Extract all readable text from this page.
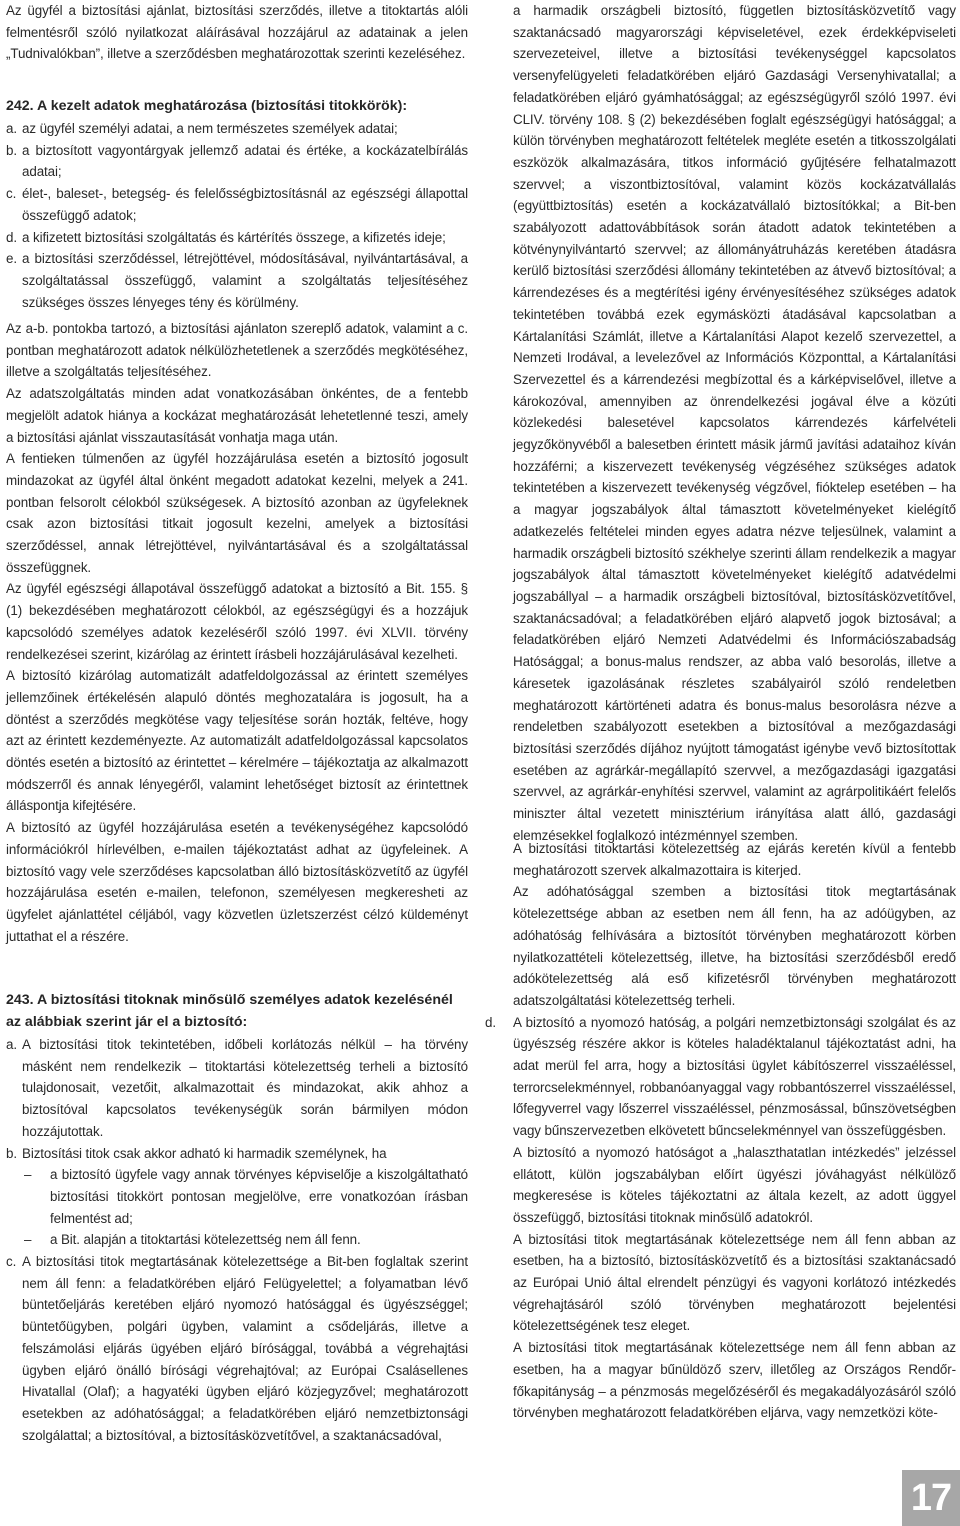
Az ügyfél a biztosítási ajánlat, biztosítási szerződés, illetve a titoktartás alóli felmentésről szóló nyilatkozat aláírásával hozzájárul az adatainak a jelen „Tudnivalókban”, illetve a szerződésben meghatározottak szerinti kezeléséhez.

242. A kezelt adatok meghatározása (biztosítási titokkörök):

a. az ügyfél személyi adatai, a nem természetes személyek adatai;

b. a biztosított vagyontárgyak jellemző adatai és értéke, a kockázatelbírálás adatai;

c. élet-, baleset-, betegség- és felelősségbiztosításnál az egészségi állapottal összefüggő adatok;

d. a kifizetett biztosítási szolgáltatás és kártérítés összege, a kifizetés ideje;

e. a biztosítási szerződéssel, létrejöttével, módosításával, nyilvántartásával, a szolgáltatással összefüggő, valamint a szolgáltatás teljesítéséhez szükséges összes lényeges tény és körülmény.

Az a-b. pontokba tartozó, a biztosítási ajánlaton szereplő adatok, valamint a c. pontban meghatározott adatok nélkülözhetetlenek a szerződés megkötéséhez, illetve a szolgáltatás teljesítéséhez.

Az adatszolgáltatás minden adat vonatkozásában önkéntes, de a fentebb megjelölt adatok hiánya a kockázat meghatározását lehetetlenné teszi, amely a biztosítási ajánlat visszautasítását vonhatja maga után.

A fentieken túlmenően az ügyfél hozzájárulása esetén a biztosító jogosult mindazokat az ügyfél által önként megadott adatokat kezelni, melyek a 241. pontban felsorolt célokból szükségesek. A biztosító azonban az ügyfeleknek csak azon biztosítási titkait jogosult kezelni, amelyek a biztosítási szerződéssel, annak létrejöttével, nyilvántartásával és a szolgáltatással összefüggnek.

Az ügyfél egészségi állapotával összefüggő adatokat a biztosító a Bit. 155. § (1) bekezdésében meghatározott célokból, az egészségügyi és a hozzájuk kapcsolódó személyes adatok kezeléséről szóló 1997. évi XLVII. törvény rendelkezései szerint, kizárólag az érintett írásbeli hozzájárulásával kezelheti.

A biztosító kizárólag automatizált adatfeldolgozással az érintett személyes jellemzőinek értékelésén alapuló döntés meghozatalára is jogosult, ha a döntést a szerződés megkötése vagy teljesítése során hozták, feltéve, hogy azt az érintett kezdeményezte. Az automatizált adatfeldolgozással kapcsolatos döntés esetén a biztosító az érintettet – kérelmére – tájékoztatja az alkalmazott módszerről és annak lényegéről, valamint lehetőséget biztosít az érintettnek álláspontja kifejtésére.

A biztosító az ügyfél hozzájárulása esetén a tevékenységéhez kapcsolódó információkról hírlevélben, e-mailen tájékoztatást adhat az ügyfeleinek. A biztosító vagy vele szerződéses kapcsolatban álló biztosításközvetítő az ügyfél hozzájárulása esetén e-mailen, telefonon, személyesen megkeresheti az ügyfelet ajánlattétel céljából, vagy közvetlen üzletszerzést célzó küldeményt juttathat el a részére.

243. A biztosítási titoknak minősülő személyes adatok kezelésénél az alábbiak szerint jár el a biztosító:

a. A biztosítási titok tekintetében, időbeli korlátozás nélkül – ha törvény másként nem rendelkezik – titoktartási kötelezettség terheli a biztosító tulajdonosait, vezetőit, alkalmazottait és mindazokat, akik ahhoz a biztosítóval kapcsolatos tevékenységük során bármilyen módon hozzájutottak.

b. Biztosítási titok csak akkor adható ki harmadik személynek, ha

– a biztosító ügyfele vagy annak törvényes képviselője a kiszolgáltatható biztosítási titokkört pontosan megjelölve, erre vonatkozóan írásban felmentést ad;

– a Bit. alapján a titoktartási kötelezettség nem áll fenn.

c. A biztosítási titok megtartásának kötelezettsége a Bit-ben foglaltak szerint nem áll fenn: a feladatkörében eljáró Felügyelettel; a folyamatban lévő büntetőeljárás keretében eljáró nyomozó hatósággal és ügyészséggel; büntetőügyben, polgári ügyben, valamint a csődeljárás, illetve a felszámolási eljárás ügyében eljáró bírósággal, továbbá a végrehajtási ügyben eljáró önálló bírósági végrehajtóval; az Európai Csalásellenes Hivatallal (Olaf); a hagyatéki ügyben eljáró közjegyzővel; meghatározott esetekben az adóhatósággal; a feladatkörében eljáró nemzetbiztonsági szolgálattal; a biztosítóval, a biztosításközvetítővel, a szaktanácsadóval,

a harmadik országbeli biztosító, független biztosításközvetítő vagy szaktanácsadó magyarországi képviseletével, ezek érdekképviseleti szervezeteivel, illetve a biztosítási tevékenységgel kapcsolatos versenyfelügyeleti feladatkörében eljáró Gazdasági Versenyhivatallal; a feladatkörében eljáró gyámhatósággal; az egészségügyről szóló 1997. évi CLIV. törvény 108. § (2) bekezdésében foglalt egészségügyi hatósággal; a külön törvényben meghatározott feltételek megléte esetén a titkosszolgálati eszközök alkalmazására, titkos információ gyűjtésére felhatalmazott szervvel; a viszontbiztosítóval, valamint közös kockázatvállalás (együttbiztosítás) esetén a kockázatvállaló biztosítókkal; a Bit-ben szabályozott adattovábbítások során átadott adatok tekintetében a kötvénynyilvántartó szervvel; az állományátruházás keretében átadásra kerülő biztosítási szerződési állomány tekintetében az átvevő biztosítóval; a kárrendezéses és a megtérítési igény érvényesítéséhez szükséges adatok tekintetében továbbá ezek egymásközti átadásával kapcsolatban a Kártalanítási Számlát, illetve a Kártalanítási Alapot kezelő szervezettel, a Nemzeti Irodával, a levelezővel az Információs Központtal, a Kártalanítási Szervezettel és a kárrendezési megbízottal és a kárképviselővel, illetve a károkozóval, amennyiben az önrendelkezési jogával élve a közúti közlekedési balesetével kapcsolatos kárrendezés kárfelvételi jegyzőkönyvéből a balesetben érintett másik jármű javítási adataihoz kíván hozzáférni; a kiszervezett tevékenység végzéséhez szükséges adatok tekintetében a kiszervezett tevékenység végzővel, fióktelep esetében – ha a magyar jogszabályok által támasztott követelményeket kielégítő adatkezelés feltételei minden egyes adatra nézve teljesülnek, valamint a harmadik országbeli biztosító székhelye szerinti állam rendelkezik a magyar jogszabályok által támasztott követelményeket kielégítő adatvédelmi jogszabállyal – a harmadik országbeli biztosítóval, biztosításközvetítővel, szaktanácsadóval; a feladatkörében eljáró alapvető jogok biztosával; a feladatkörében eljáró Nemzeti Adatvédelmi és Információszabadság Hatósággal; a bonus-malus rendszer, az abba való besorolás, illetve a káresetek igazolásának részletes szabályairól szóló rendeletben meghatározott kártörténeti adatra és bonus-malus besorolásra nézve a rendeletben szabályozott esetekben a biztosítóval a mezőgazdasági biztosítási szerződés díjához nyújtott támogatást igénybe vevő biztosítottak esetében az agrárkár-megállapító szervvel, a mezőgazdasági igazgatási szervvel, az agrárkár-enyhítési szervvel, valamint az agrárpolitikáért felelős miniszter által vezetett minisztérium irányítása alatt álló, gazdasági elemzésekkel foglalkozó intézménnyel szemben.

A biztosítási titoktartási kötelezettség az ejárás keretén kívül a fentebb meghatározott szervek alkalmazottaira is kiterjed.

Az adóhatósággal szemben a biztosítási titok megtartásának kötelezettsége abban az esetben nem áll fenn, ha az adóügyben, az adóhatóság felhívására a biztosítót törvényben meghatározott körben nyilatkozattételi kötelezettség, illetve, ha biztosítási szerződésből eredő adókötelezettség alá eső kifizetésről törvényben meghatározott adatszolgáltatási kötelezettség terheli.

d. A biztosító a nyomozó hatóság, a polgári nemzetbiztonsági szolgálat és az ügyészség részére akkor is köteles haladéktalanul tájékoztatást adni, ha adat merül fel arra, hogy a biztosítási ügylet kábítószerrel visszaéléssel, terrorcselekménnyel, robbanóanyaggal vagy robbantószerrel visszaéléssel, lőfegyverrel vagy lőszerrel visszaéléssel, pénzmosással, bűnszövetségben vagy bűnszervezetben elkövetett bűncselekménnyel van összefüggésben.

A biztosító a nyomozó hatóságot a „halaszthatatlan intézkedés” jelzéssel ellátott, külön jogszabályban előírt ügyészi jóváhagyást nélkülöző megkeresése is köteles tájékoztatni az általa kezelt, az adott üggyel összefüggő, biztosítási titoknak minősülő adatokról.

A biztosítási titok megtartásának kötelezettsége nem áll fenn abban az esetben, ha a biztosító, biztosításközvetítő és a biztosítási szaktanácsadó az Európai Unió által elrendelt pénzügyi és vagyoni korlátozó intézkedés végrehajtásáról szóló törvényben meghatározott bejelentési kötelezettségének tesz eleget.

A biztosítási titok megtartásának kötelezettsége nem áll fenn abban az esetben, ha a magyar bűnüldöző szerv, illetőleg az Országos Rendőr-főkapitányság – a pénzmosás megelőzéséről és megakadályozásáról szóló törvényben meghatározott feladatkörében eljárva, vagy nemzetközi köte-

17
